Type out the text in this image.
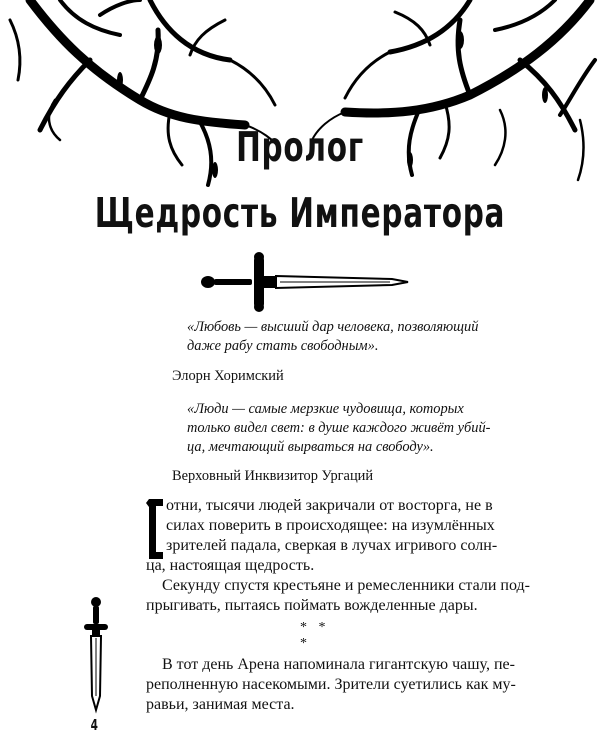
Пролог
Щедрость Императора
«Любовь — высший дар человека, позволяющий
даже рабу стать свободным».
Элорн Хоримский
«Люди — самые мерзкие чудовища, которых
только видел свет: в душе каждого живёт убий-
ца, мечтающий вырваться на свободу».
Верховный Инквизитор Ургаций
отни, тысячи людей закричали от восторга, не в
силах поверить в происходящее: на изумлённых
зрителей падала, сверкая в лучах игривого солн-
ца, настоящая щедрость.
Секунду спустя крестьяне и ремесленники стали под-
прыгивать, пытаясь поймать вожделенные дары.
* * *
В тот день Арена напоминала гигантскую чашу, пе-
реполненную насекомыми. Зрители суетились как му-
равьи, занимая места.
4
